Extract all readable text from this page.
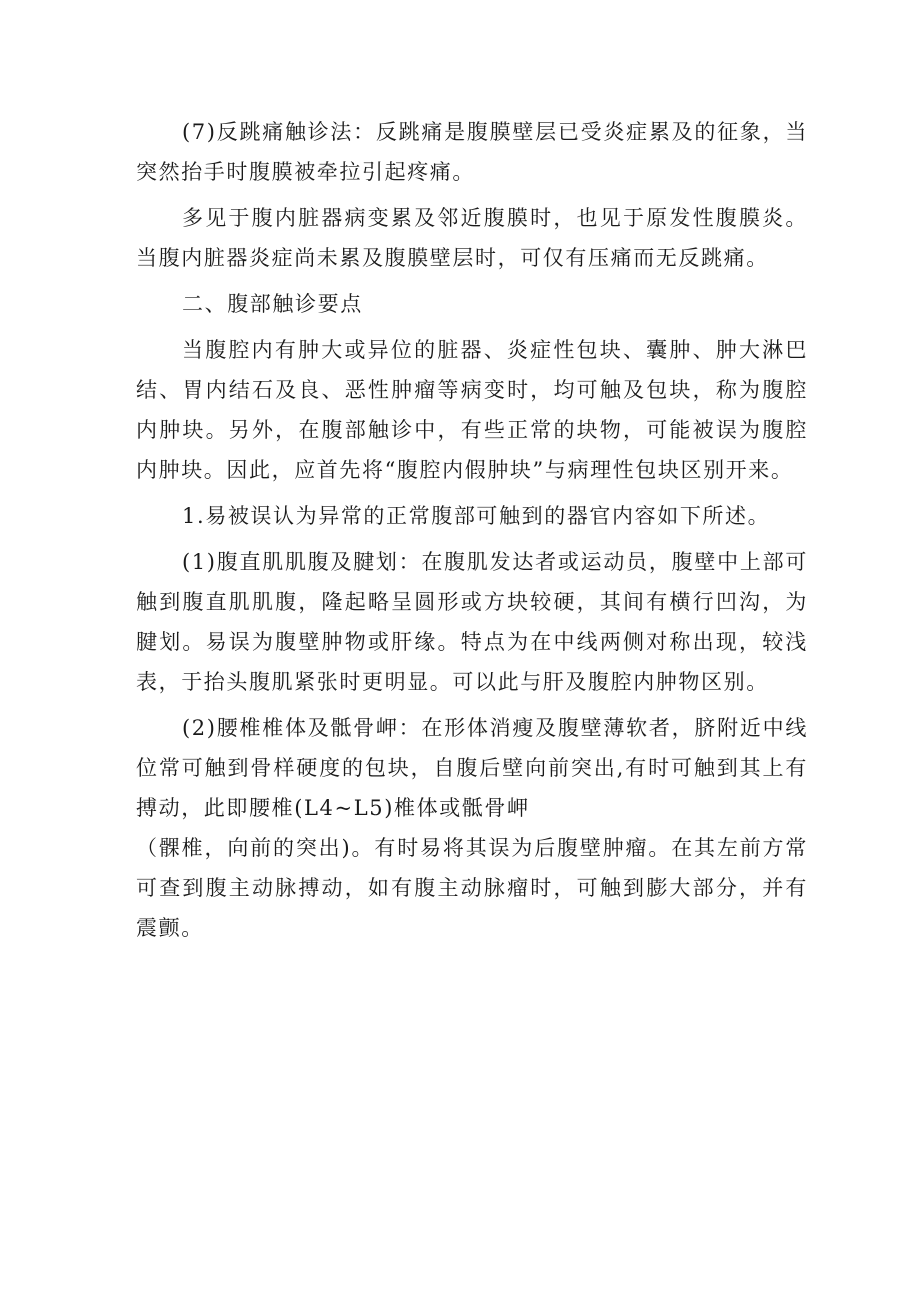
(7)反跳痛触诊法：反跳痛是腹膜壁层已受炎症累及的征象，当突然抬手时腹膜被牵拉引起疼痛。

多见于腹内脏器病变累及邻近腹膜时，也见于原发性腹膜炎。当腹内脏器炎症尚未累及腹膜壁层时，可仅有压痛而无反跳痛。

二、腹部触诊要点

当腹腔内有肿大或异位的脏器、炎症性包块、囊肿、肿大淋巴结、胃内结石及良、恶性肿瘤等病变时，均可触及包块，称为腹腔内肿块。另外，在腹部触诊中，有些正常的块物，可能被误为腹腔内肿块。因此，应首先将“腹腔内假肿块”与病理性包块区别开来。

1.易被误认为异常的正常腹部可触到的器官内容如下所述。

(1)腹直肌肌腹及腱划：在腹肌发达者或运动员，腹壁中上部可触到腹直肌肌腹，隆起略呈圆形或方块较硬，其间有横行凹沟，为腱划。易误为腹壁肿物或肝缘。特点为在中线两侧对称出现，较浅表，于抬头腹肌紧张时更明显。可以此与肝及腹腔内肿物区别。

(2)腰椎椎体及骶骨岬：在形体消瘦及腹壁薄软者，脐附近中线位常可触到骨样硬度的包块，自腹后壁向前突出,有时可触到其上有搏动，此即腰椎(L4~L5)椎体或骶骨岬

（髁椎，向前的突出)。有时易将其误为后腹壁肿瘤。在其左前方常可查到腹主动脉搏动，如有腹主动脉瘤时，可触到膨大部分，并有震颤。
